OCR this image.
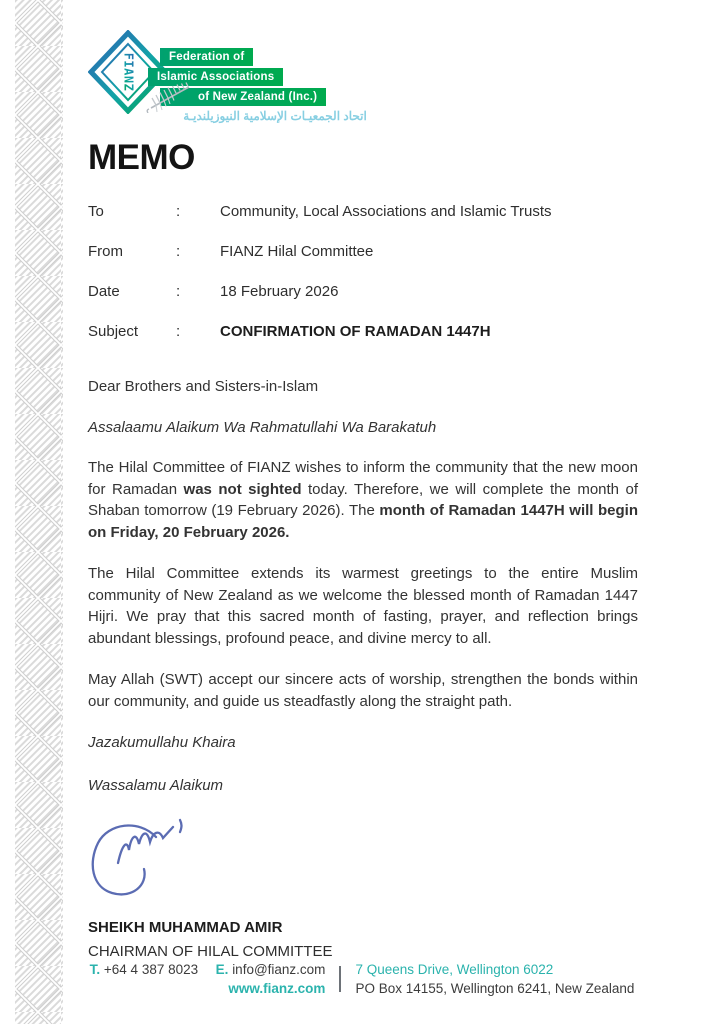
FIANZ	Federation of
Islamic Associations
of New Zealand (Inc.)
اتحاد الجمعيـات الإسلامية النيوزيلنديـة
MEMO
To	:	Community, Local Associations and Islamic Trusts
From	:	FIANZ Hilal Committee
Date	:	18 February 2026
Subject	:	CONFIRMATION OF RAMADAN 1447H

Dear Brothers and Sisters-in-Islam

Assalaamu Alaikum Wa Rahmatullahi Wa Barakatuh

The Hilal Committee of FIANZ wishes to inform the community that the new moon for Ramadan was not sighted today. Therefore, we will complete the month of Shaban tomorrow (19 February 2026). The month of Ramadan 1447H will begin on Friday, 20 February 2026.

The Hilal Committee extends its warmest greetings to the entire Muslim community of New Zealand as we welcome the blessed month of Ramadan 1447 Hijri. We pray that this sacred month of fasting, prayer, and reflection brings abundant blessings, profound peace, and divine mercy to all.

May Allah (SWT) accept our sincere acts of worship, strengthen the bonds within our community, and guide us steadfastly along the straight path.

Jazakumullahu Khaira

Wassalamu Alaikum

SHEIKH MUHAMMAD AMIR

CHAIRMAN OF HILAL COMMITTEE

T. +64 4 387 8023 E. info@fianz.com
www.fianz.com
7 Queens Drive, Wellington 6022
PO Box 14155, Wellington 6241, New Zealand
